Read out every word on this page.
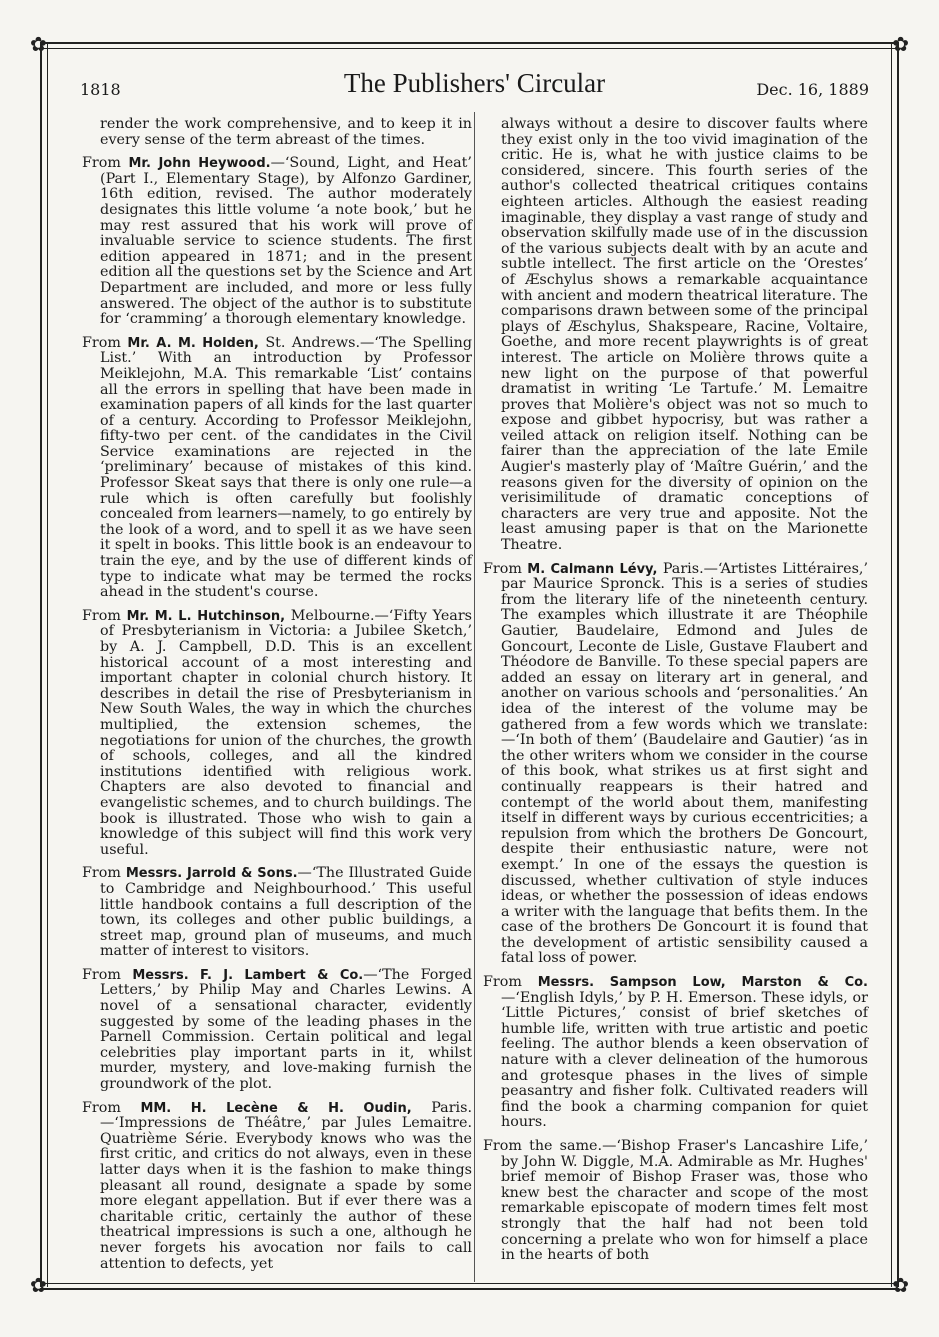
✿	✿
✿	✿
1818	The Publishers' Circular	Dec. 16, 1889

render the work comprehensive, and to keep it in every sense of the term abreast of the times.

From Mr. John Heywood.—‘Sound, Light, and Heat’ (Part I., Elementary Stage), by Alfonzo Gardiner, 16th edition, revised. The author moderately designates this little volume ‘a note book,’ but he may rest assured that his work will prove of invaluable service to science students. The first edition appeared in 1871; and in the present edition all the questions set by the Science and Art Department are included, and more or less fully answered. The object of the author is to substitute for ‘cramming’ a thorough elementary knowledge.

From Mr. A. M. Holden, St. Andrews.—‘The Spelling List.’ With an introduction by Professor Meiklejohn, M.A. This remarkable ‘List’ contains all the errors in spelling that have been made in examination papers of all kinds for the last quarter of a century. According to Professor Meiklejohn, fifty-two per cent. of the candidates in the Civil Service examinations are rejected in the ‘preliminary’ because of mistakes of this kind. Professor Skeat says that there is only one rule—a rule which is often carefully but foolishly concealed from learners—namely, to go entirely by the look of a word, and to spell it as we have seen it spelt in books. This little book is an endeavour to train the eye, and by the use of different kinds of type to indicate what may be termed the rocks ahead in the student's course.

From Mr. M. L. Hutchinson, Melbourne.—‘Fifty Years of Presbyterianism in Victoria: a Jubilee Sketch,’ by A. J. Campbell, D.D. This is an excellent historical account of a most interesting and important chapter in colonial church history. It describes in detail the rise of Presbyterianism in New South Wales, the way in which the churches multiplied, the extension schemes, the negotiations for union of the churches, the growth of schools, colleges, and all the kindred institutions identified with religious work. Chapters are also devoted to financial and evangelistic schemes, and to church buildings. The book is illustrated. Those who wish to gain a knowledge of this subject will find this work very useful.

From Messrs. Jarrold & Sons.—‘The Illustrated Guide to Cambridge and Neighbourhood.’ This useful little handbook contains a full description of the town, its colleges and other public buildings, a street map, ground plan of museums, and much matter of interest to visitors.

From Messrs. F. J. Lambert & Co.—‘The Forged Letters,’ by Philip May and Charles Lewins. A novel of a sensational character, evidently suggested by some of the leading phases in the Parnell Commission. Certain political and legal celebrities play important parts in it, whilst murder, mystery, and love-making furnish the groundwork of the plot.

From MM. H. Lecène & H. Oudin, Paris.—‘Impressions de Théâtre,’ par Jules Lemaitre. Quatrième Série. Everybody knows who was the first critic, and critics do not always, even in these latter days when it is the fashion to make things pleasant all round, designate a spade by some more elegant appellation. But if ever there was a charitable critic, certainly the author of these theatrical impressions is such a one, although he never forgets his avocation nor fails to call attention to defects, yet

always without a desire to discover faults where they exist only in the too vivid imagination of the critic. He is, what he with justice claims to be considered, sincere. This fourth series of the author's collected theatrical critiques contains eighteen articles. Although the easiest reading imaginable, they display a vast range of study and observation skilfully made use of in the discussion of the various subjects dealt with by an acute and subtle intellect. The first article on the ‘Orestes’ of Æschylus shows a remarkable acquaintance with ancient and modern theatrical literature. The comparisons drawn between some of the principal plays of Æschylus, Shakspeare, Racine, Voltaire, Goethe, and more recent playwrights is of great interest. The article on Molière throws quite a new light on the purpose of that powerful dramatist in writing ‘Le Tartufe.’ M. Lemaitre proves that Molière's object was not so much to expose and gibbet hypocrisy, but was rather a veiled attack on religion itself. Nothing can be fairer than the appreciation of the late Emile Augier's masterly play of ‘Maître Guérin,’ and the reasons given for the diversity of opinion on the verisimilitude of dramatic conceptions of characters are very true and apposite. Not the least amusing paper is that on the Marionette Theatre.

From M. Calmann Lévy, Paris.—‘Artistes Littéraires,’ par Maurice Spronck. This is a series of studies from the literary life of the nineteenth century. The examples which illustrate it are Théophile Gautier, Baudelaire, Edmond and Jules de Goncourt, Leconte de Lisle, Gustave Flaubert and Théodore de Banville. To these special papers are added an essay on literary art in general, and another on various schools and ‘personalities.’ An idea of the interest of the volume may be gathered from a few words which we translate:—‘In both of them’ (Baudelaire and Gautier) ‘as in the other writers whom we consider in the course of this book, what strikes us at first sight and continually reappears is their hatred and contempt of the world about them, manifesting itself in different ways by curious eccentricities; a repulsion from which the brothers De Goncourt, despite their enthusiastic nature, were not exempt.’ In one of the essays the question is discussed, whether cultivation of style induces ideas, or whether the possession of ideas endows a writer with the language that befits them. In the case of the brothers De Goncourt it is found that the development of artistic sensibility caused a fatal loss of power.

From Messrs. Sampson Low, Marston & Co.—‘English Idyls,’ by P. H. Emerson. These idyls, or ‘Little Pictures,’ consist of brief sketches of humble life, written with true artistic and poetic feeling. The author blends a keen observation of nature with a clever delineation of the humorous and grotesque phases in the lives of simple peasantry and fisher folk. Cultivated readers will find the book a charming companion for quiet hours.

From the same.—‘Bishop Fraser's Lancashire Life,’ by John W. Diggle, M.A. Admirable as Mr. Hughes' brief memoir of Bishop Fraser was, those who knew best the character and scope of the most remarkable episcopate of modern times felt most strongly that the half had not been told concerning a prelate who won for himself a place in the hearts of both
